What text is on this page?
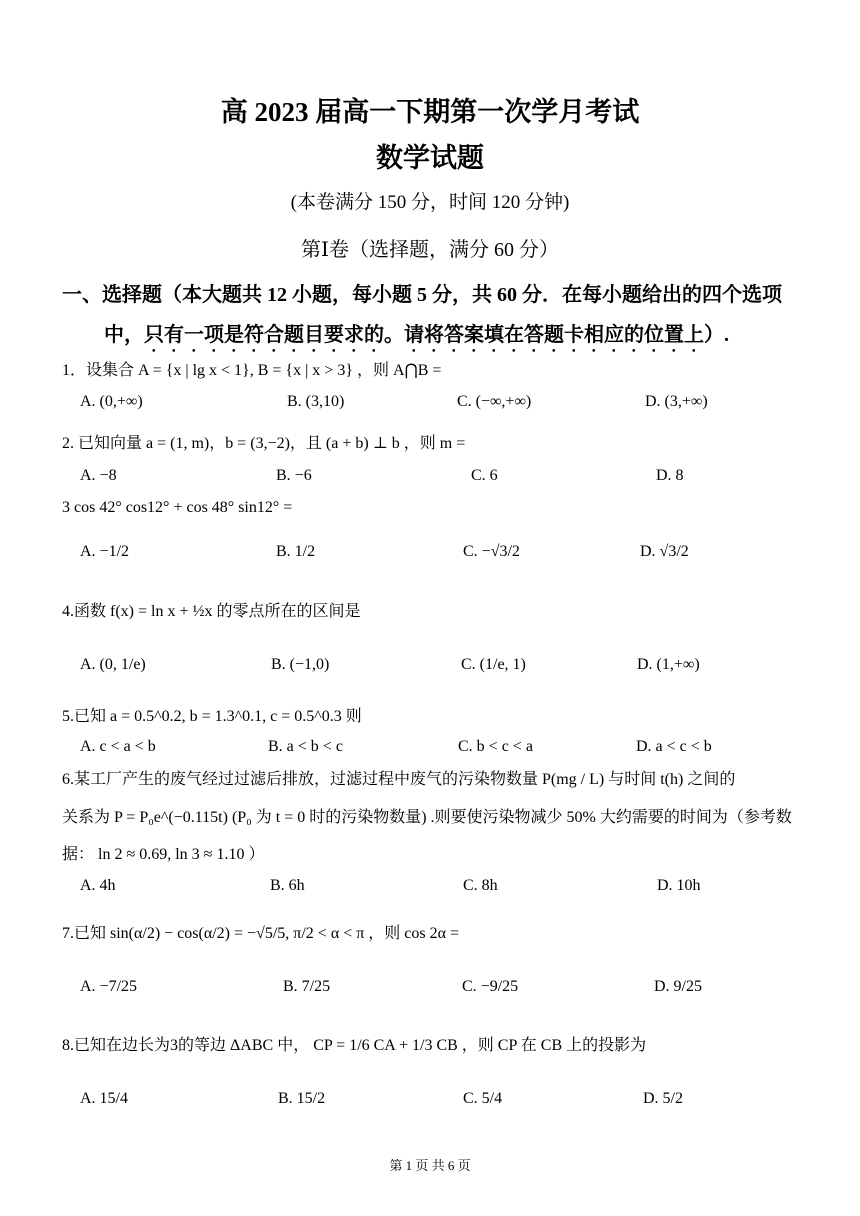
高 2023 届高一下期第一次学月考试
数学试题
(本卷满分 150 分，时间 120 分钟)
第Ⅰ卷（选择题，满分 60 分）
一、选择题（本大题共 12 小题，每小题 5 分，共 60 分．在每小题给出的四个选项
中，只有一项是符合题目要求的。请将答案填在答题卡相应的位置上）.
1．设集合 A = {x | lg x < 1}, B = {x | x > 3} ，则 A⋂B =
A. (0,+∞)	B. (3,10)	C. (−∞,+∞)	D. (3,+∞)
2. 已知向量 a = (1, m)，b = (3,−2)，且 (a + b) ⊥ b ，则 m =
A. −8	B. −6	C. 6	D. 8
3 cos 42° cos12° + cos 48° sin12° =
A. −1/2	B. 1/2	C. −√3/2	D. √3/2
4.函数 f(x) = ln x + ½x 的零点所在的区间是
A. (0, 1/e)	B. (−1,0)	C. (1/e, 1)	D. (1,+∞)
5.已知 a = 0.5^0.2, b = 1.3^0.1, c = 0.5^0.3 则
A. c < a < b	B. a < b < c	C. b < c < a	D. a < c < b
6.某工厂产生的废气经过过滤后排放，过滤过程中废气的污染物数量 P(mg / L) 与时间 t(h) 之间的
关系为 P = P₀e^(−0.115t) (P₀ 为 t = 0 时的污染物数量) .则要使污染物减少 50% 大约需要的时间为（参考数
据： ln 2 ≈ 0.69, ln 3 ≈ 1.10 ）
A. 4h	B. 6h	C. 8h	D. 10h
7.已知 sin(α/2) − cos(α/2) = −√5/5, π/2 < α < π ，则 cos 2α =
A. −7/25	B. 7/25	C. −9/25	D. 9/25
8.已知在边长为3的等边 ΔABC 中， CP = 1/6 CA + 1/3 CB ，则 CP 在 CB 上的投影为
A. 15/4	B. 15/2	C. 5/4	D. 5/2
第 1 页 共 6 页
